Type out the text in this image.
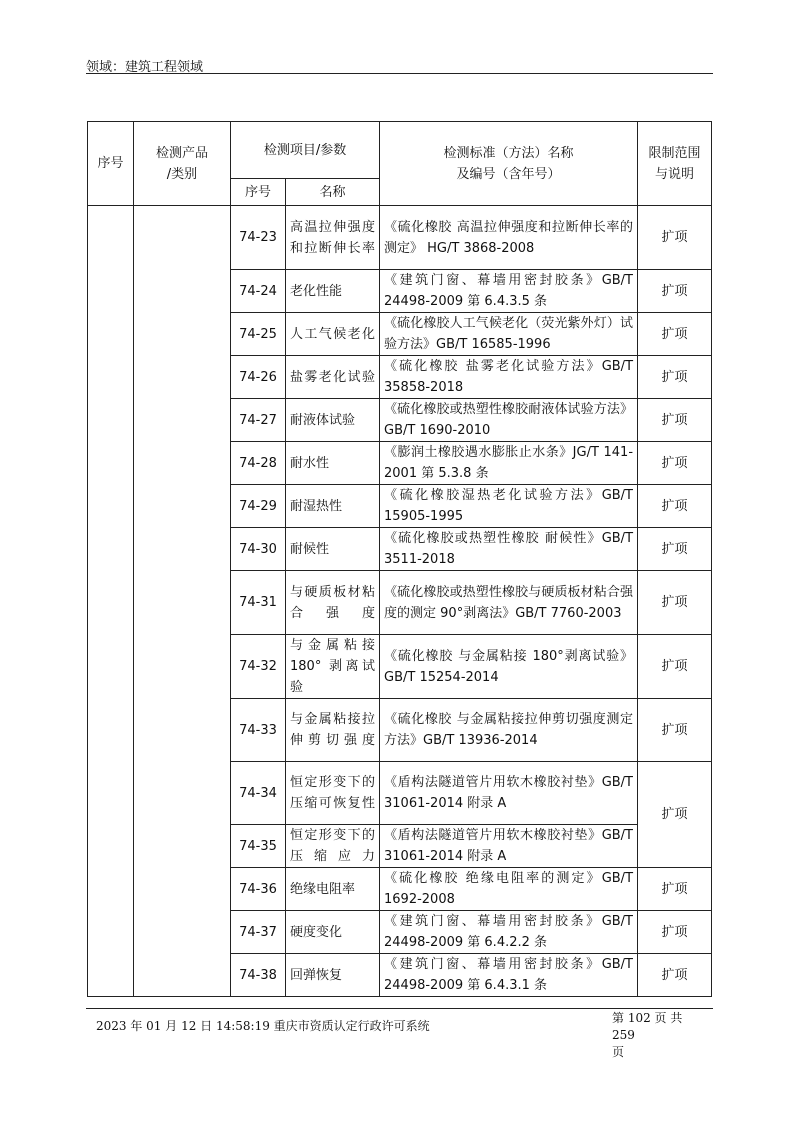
领域：建筑工程领域
序号	检测产品
/类别	检测项目/参数		检测标准（方法）名称
及编号（含年号）	限制范围
与说明
		序号	名称		
		74-23	高温拉伸强度和拉断伸长率	《硫化橡胶 高温拉伸强度和拉断伸长率的测定》 HG/T 3868-2008	扩项
		74-24	老化性能	《建筑门窗、幕墙用密封胶条》GB/T 24498-2009 第 6.4.3.5 条	扩项
		74-25	人工气候老化	《硫化橡胶人工气候老化（荧光紫外灯）试验方法》GB/T 16585-1996	扩项
		74-26	盐雾老化试验	《硫化橡胶 盐雾老化试验方法》GB/T 35858-2018	扩项
		74-27	耐液体试验	《硫化橡胶或热塑性橡胶耐液体试验方法》GB/T 1690-2010	扩项
		74-28	耐水性	《膨润土橡胶遇水膨胀止水条》JG/T 141-2001 第 5.3.8 条	扩项
		74-29	耐湿热性	《硫化橡胶湿热老化试验方法》GB/T 15905-1995	扩项
		74-30	耐候性	《硫化橡胶或热塑性橡胶 耐候性》GB/T 3511-2018	扩项
		74-31	与硬质板材粘合强度	《硫化橡胶或热塑性橡胶与硬质板材粘合强度的测定 90°剥离法》GB/T 7760-2003	扩项
		74-32	与金属粘接180° 剥离试验	《硫化橡胶 与金属粘接 180°剥离试验》GB/T 15254-2014	扩项
		74-33	与金属粘接拉伸剪切强度	《硫化橡胶 与金属粘接拉伸剪切强度测定方法》GB/T 13936-2014	扩项
		74-34	恒定形变下的压缩可恢复性	《盾构法隧道管片用软木橡胶衬垫》GB/T 31061-2014 附录 A	扩项
		74-35	恒定形变下的压缩应力	《盾构法隧道管片用软木橡胶衬垫》GB/T 31061-2014 附录 A	
		74-36	绝缘电阻率	《硫化橡胶 绝缘电阻率的测定》GB/T 1692-2008	扩项
		74-37	硬度变化	《建筑门窗、幕墙用密封胶条》GB/T 24498-2009 第 6.4.2.2 条	扩项
		74-38	回弹恢复	《建筑门窗、幕墙用密封胶条》GB/T 24498-2009 第 6.4.3.1 条	扩项
2023 年 01 月 12 日 14:58:19 重庆市资质认定行政许可系统
第 102 页 共 259
页
